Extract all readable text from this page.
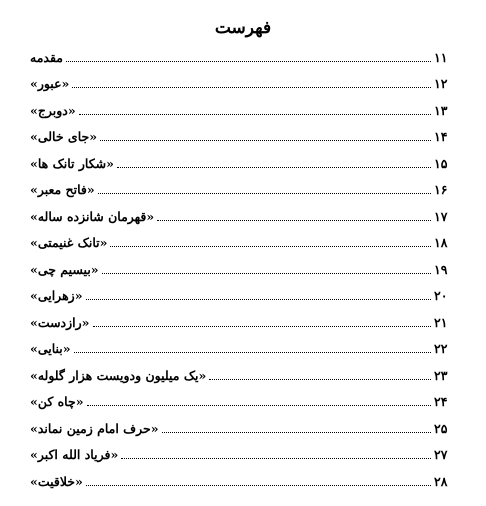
فهرست
مقدمه	۱۱
«عبور»	۱۲
«دوبرج»	۱۳
«جای خالی»	۱۴
«شکار تانک ها»	۱۵
«فاتح معبر»	۱۶
«قهرمان شانزده ساله»	۱۷
«تانک غنیمتی»	۱۸
«بیسیم چی»	۱۹
«زهرایی»	۲۰
«رازدست»	۲۱
«بنایی»	۲۲
«یک میلیون ودویست هزار گلوله»	۲۳
«چاه کن»	۲۴
«حرف امام زمین نماند»	۲۵
«فریاد الله اکبر»	۲۷
«خلاقیت»	۲۸
